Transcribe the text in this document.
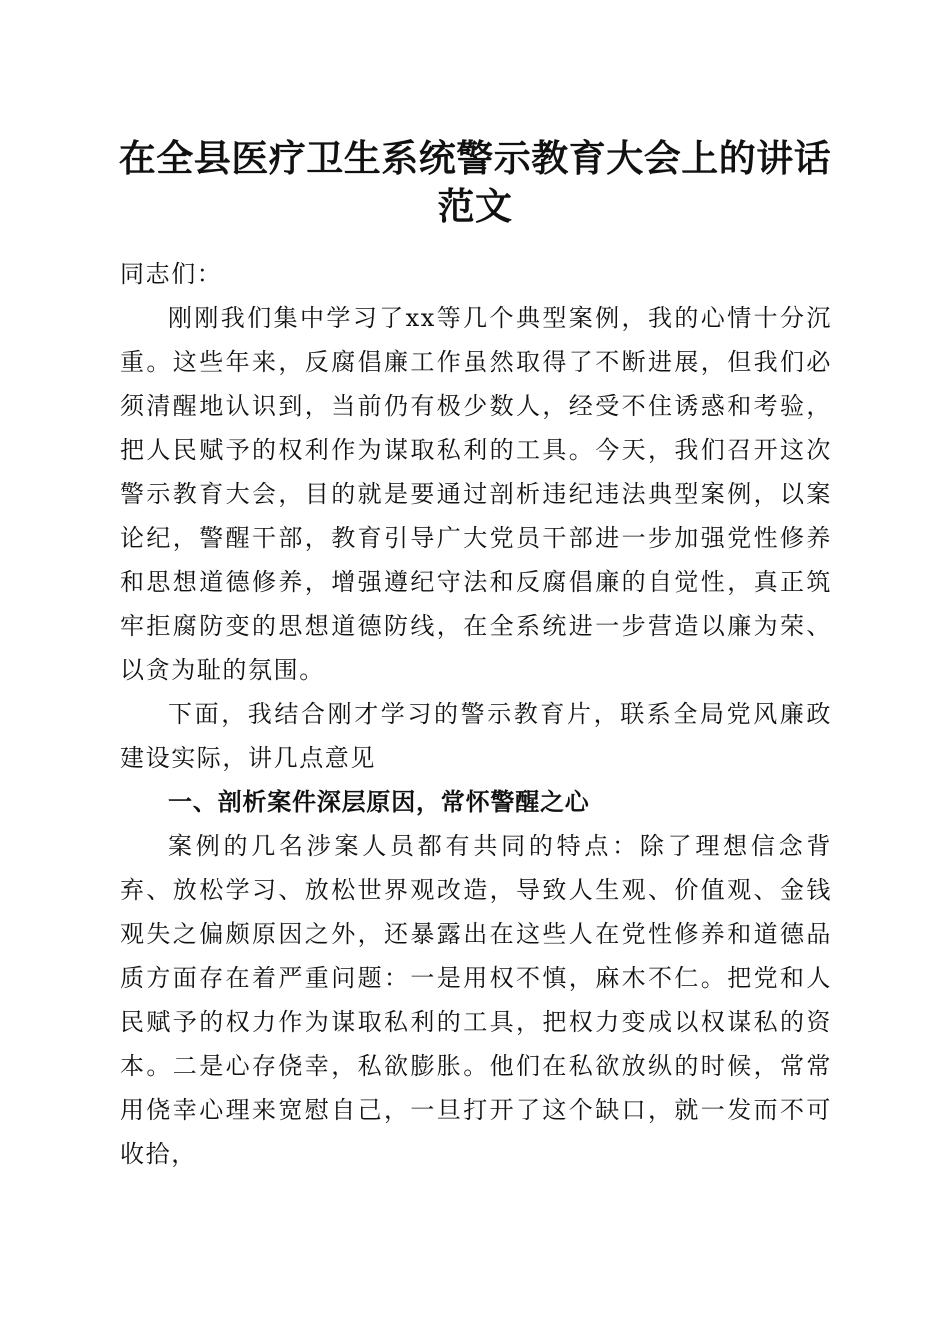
在全县医疗卫生系统警示教育大会上的讲话范文

同志们：

刚刚我们集中学习了xx等几个典型案例，我的心情十分沉重。这些年来，反腐倡廉工作虽然取得了不断进展，但我们必须清醒地认识到，当前仍有极少数人，经受不住诱惑和考验，把人民赋予的权利作为谋取私利的工具。今天，我们召开这次警示教育大会，目的就是要通过剖析违纪违法典型案例，以案论纪，警醒干部，教育引导广大党员干部进一步加强党性修养和思想道德修养，增强遵纪守法和反腐倡廉的自觉性，真正筑牢拒腐防变的思想道德防线，在全系统进一步营造以廉为荣、以贪为耻的氛围。

下面，我结合刚才学习的警示教育片，联系全局党风廉政建设实际，讲几点意见

一、剖析案件深层原因，常怀警醒之心

案例的几名涉案人员都有共同的特点：除了理想信念背弃、放松学习、放松世界观改造，导致人生观、价值观、金钱观失之偏颇原因之外，还暴露出在这些人在党性修养和道德品质方面存在着严重问题：一是用权不慎，麻木不仁。把党和人民赋予的权力作为谋取私利的工具，把权力变成以权谋私的资本。二是心存侥幸，私欲膨胀。他们在私欲放纵的时候，常常用侥幸心理来宽慰自己，一旦打开了这个缺口，就一发而不可收拾，
